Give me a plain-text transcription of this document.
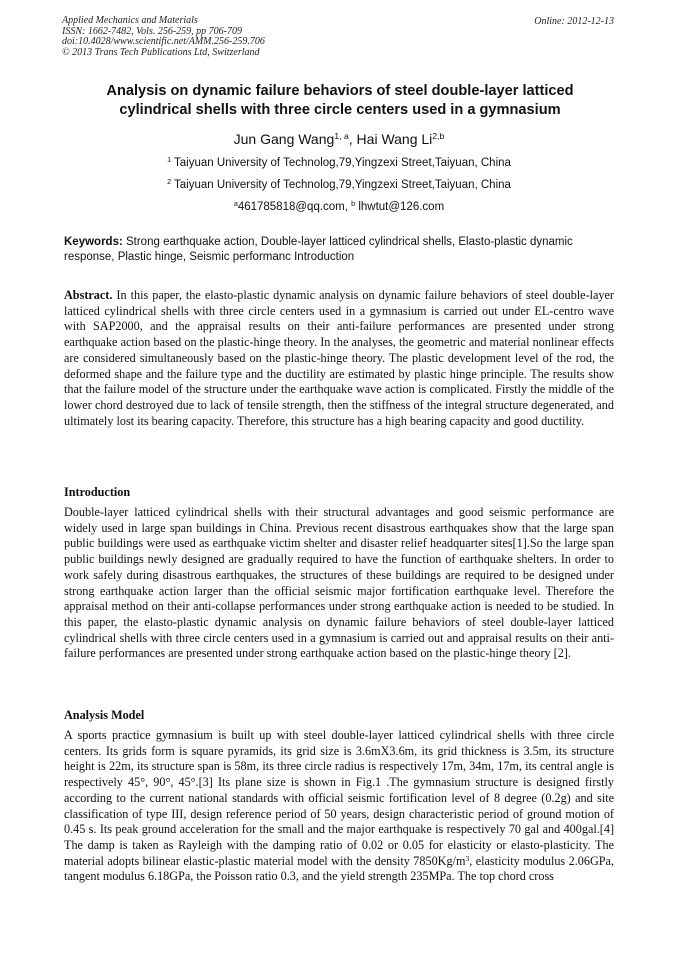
Applied Mechanics and Materials
ISSN: 1662-7482, Vols. 256-259, pp 706-709
doi:10.4028/www.scientific.net/AMM.256-259.706
© 2013 Trans Tech Publications Ltd, Switzerland
Online: 2012-12-13
Analysis on dynamic failure behaviors of steel double-layer latticed cylindrical shells with three circle centers used in a gymnasium
Jun Gang Wang$^{1, a}$, Hai Wang Li$^{2,b}$
$^1$ Taiyuan University of Technolog,79,Yingzexi Street,Taiyuan, China
$^2$ Taiyuan University of Technolog,79,Yingzexi Street,Taiyuan, China
$^a$461785818@qq.com, $^b$ lhwtut@126.com
Keywords: Strong earthquake action, Double-layer latticed cylindrical shells, Elasto-plastic dynamic response, Plastic hinge, Seismic performanc Introduction
Abstract. In this paper, the elasto-plastic dynamic analysis on dynamic failure behaviors of steel double-layer latticed cylindrical shells with three circle centers used in a gymnasium is carried out under EL-centro wave with SAP2000, and the appraisal results on their anti-failure performances are presented under strong earthquake action based on the plastic-hinge theory. In the analyses, the geometric and material nonlinear effects are considered simultaneously based on the plastic-hinge theory. The plastic development level of the rod, the deformed shape and the failure type and the ductility are estimated by plastic hinge principle. The results show that the failure model of the structure under the earthquake wave action is complicated. Firstly the middle of the lower chord destroyed due to lack of tensile strength, then the stiffness of the integral structure degenerated, and ultimately lost its bearing capacity. Therefore, this structure has a high bearing capacity and good ductility.
Introduction
Double-layer latticed cylindrical shells with their structural advantages and good seismic performance are widely used in large span buildings in China. Previous recent disastrous earthquakes show that the large span public buildings were used as earthquake victim shelter and disaster relief headquarter sites[1].So the large span public buildings newly designed are gradually required to have the function of earthquake shelters. In order to work safely during disastrous earthquakes, the structures of these buildings are required to be designed under strong earthquake action larger than the official seismic major fortification earthquake level. Therefore the appraisal method on their anti-collapse performances under strong earthquake action is needed to be studied. In this paper, the elasto-plastic dynamic analysis on dynamic failure behaviors of steel double-layer latticed cylindrical shells with three circle centers used in a gymnasium is carried out and appraisal results on their anti-failure performances are presented under strong earthquake action based on the plastic-hinge theory [2].
Analysis Model
A sports practice gymnasium is built up with steel double-layer latticed cylindrical shells with three circle centers. Its grids form is square pyramids, its grid size is 3.6mX3.6m, its grid thickness is 3.5m, its structure height is 22m, its structure span is 58m, its three circle radius is respectively 17m, 34m, 17m, its central angle is respectively 45°, 90°, 45°.[3] Its plane size is shown in Fig.1 .The gymnasium structure is designed firstly according to the current national standards with official seismic fortification level of 8 degree (0.2g) and site classification of type III, design reference period of 50 years, design characteristic period of ground motion of 0.45 s. Its peak ground acceleration for the small and the major earthquake is respectively 70 gal and 400gal.[4] The damp is taken as Rayleigh with the damping ratio of 0.02 or 0.05 for elasticity or elasto-plasticity. The material adopts bilinear elastic-plastic material model with the density $7850Kg/m^3$, elasticity modulus 2.06GPa, tangent modulus 6.18GPa, the Poisson ratio 0.3, and the yield strength 235MPa. The top chord cross
